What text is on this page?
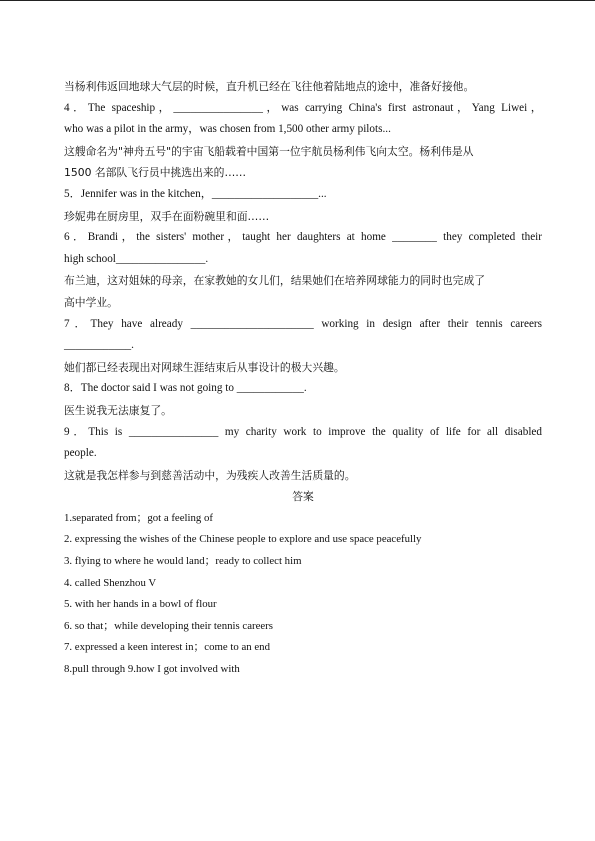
当杨利伟返回地球大气层的时候，直升机已经在飞往他着陆地点的途中，准备好接他。
4．The spaceship，________________，was carrying China's first astronaut，Yang Liwei，
who was a pilot in the army，was chosen from 1,500 other army pilots...
这艘命名为"神舟五号"的宇宙飞船载着中国第一位宇航员杨利伟飞向太空。杨利伟是从
1500 名部队飞行员中挑选出来的……
5．Jennifer was in the kitchen，___________________...
珍妮弗在厨房里，双手在面粉碗里和面……
6．Brandi，the sisters' mother，taught her daughters at home ________ they completed their
high school________________.
布兰迪，这对姐妹的母亲，在家教她的女儿们，结果她们在培养网球能力的同时也完成了
高中学业。
7．They have already ______________________ working in design after their tennis careers
____________.
她们都已经表现出对网球生涯结束后从事设计的极大兴趣。
8．The doctor said I was not going to ____________.
医生说我无法康复了。
9．This is ________________ my charity work to improve the quality of life for all disabled
people.
这就是我怎样参与到慈善活动中，为残疾人改善生活质量的。
答案
1.separated from；got a feeling of
2. expressing the wishes of the Chinese people to explore and use space peacefully
3. flying to where he would land；ready to collect him
4. called Shenzhou V
5. with her hands in a bowl of flour
6. so that；while developing their tennis careers
7. expressed a keen interest in；come to an end
8.pull through 9.how I got involved with
